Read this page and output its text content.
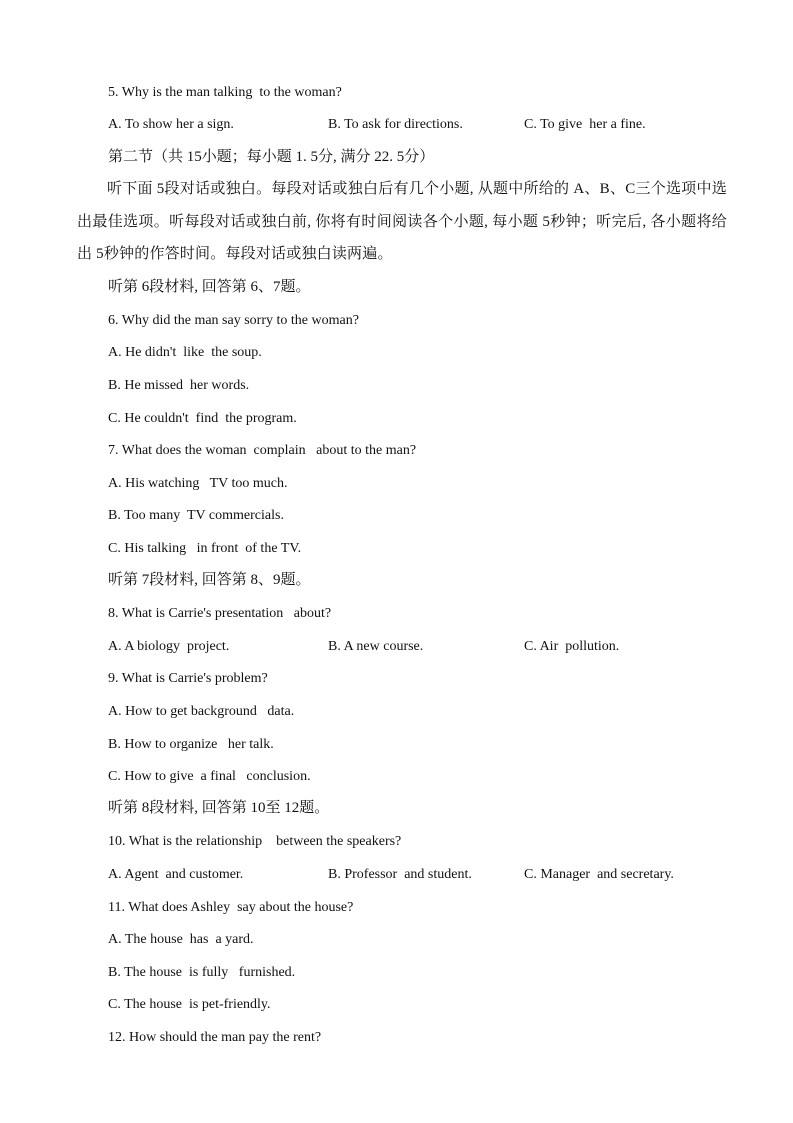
5. Why is the man talking  to the woman?
A. To show her a sign.	B. To ask for directions.	C. To give  her a fine.
第二节（共 15小题；每小题 1. 5分, 满分 22. 5分）
听下面 5段对话或独白。每段对话或独白后有几个小题, 从题中所给的 A、B、C三个选项中选出最佳选项。听每段对话或独白前, 你将有时间阅读各个小题, 每小题 5秒钟；听完后, 各小题将给出 5秒钟的作答时间。每段对话或独白读两遍。
听第 6段材料, 回答第 6、7题。
6. Why did the man say sorry to the woman?
A. He didn't  like  the soup.
B. He missed  her words.
C. He couldn't  find  the program.
7. What does the woman  complain   about to the man?
A. His watching   TV too much.
B. Too many  TV commercials.
C. His talking   in front  of the TV.
听第 7段材料, 回答第 8、9题。
8. What is Carrie's presentation   about?
A. A biology  project.	B. A new course.	C. Air  pollution.
9. What is Carrie's problem?
A. How to get background   data.
B. How to organize   her talk.
C. How to give  a final   conclusion.
听第 8段材料, 回答第 10至 12题。
10. What is the relationship    between the speakers?
A. Agent  and customer.	B. Professor  and student.	C. Manager  and secretary.
11. What does Ashley  say about the house?
A. The house  has  a yard.
B. The house  is fully   furnished.
C. The house  is pet-friendly.
12. How should the man pay the rent?
